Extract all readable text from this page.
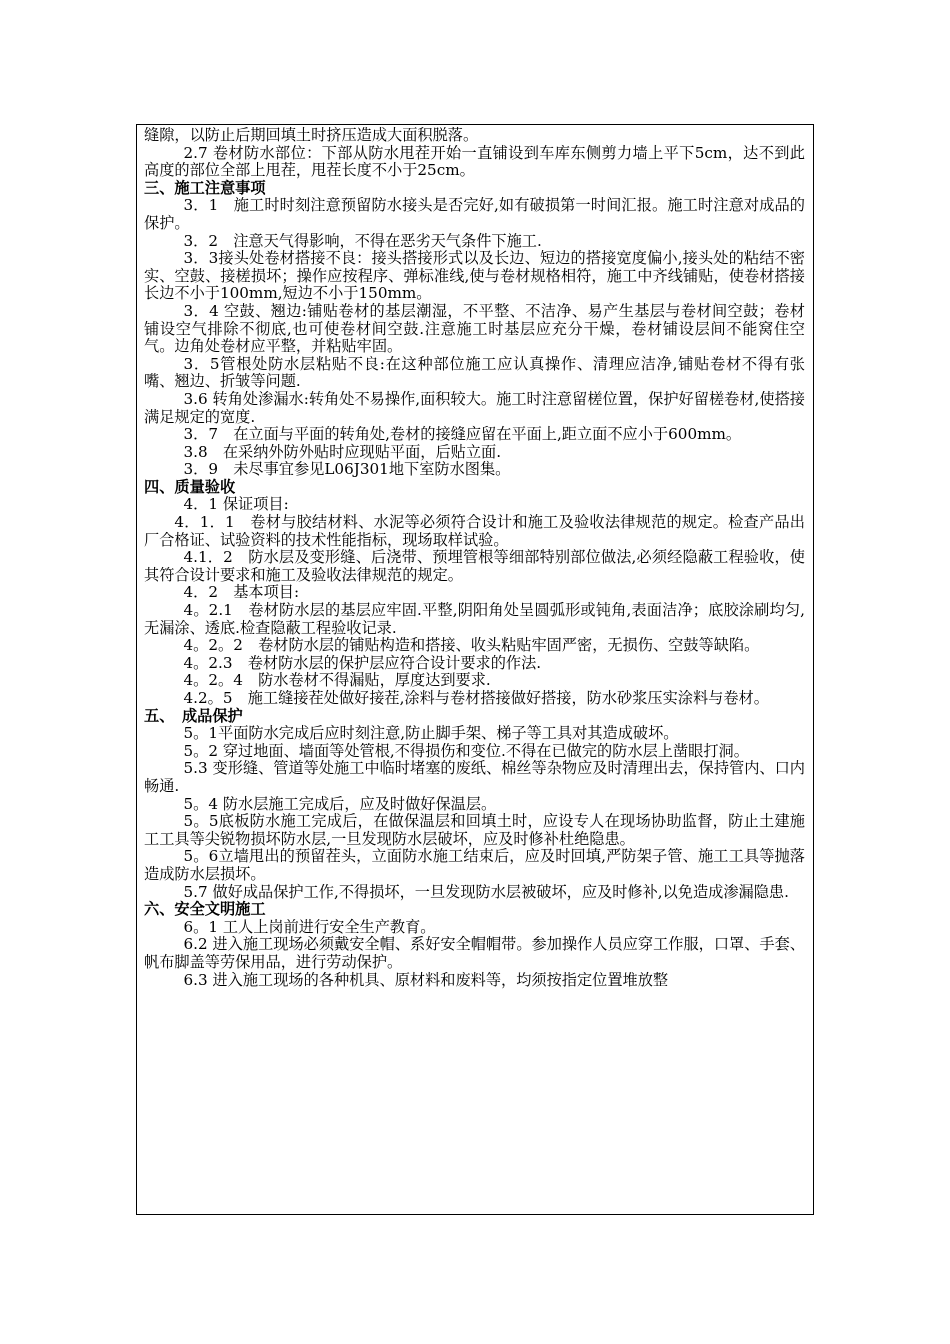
缝隙，以防止后期回填土时挤压造成大面积脱落。

2.7 卷材防水部位：下部从防水甩茬开始一直铺设到车库东侧剪力墙上平下5cm，达不到此高度的部位全部上甩茬，甩茬长度不小于25cm。

三、施工注意事项

3．1　施工时时刻注意预留防水接头是否完好,如有破损第一时间汇报。施工时注意对成品的保护。

3．2　注意天气得影响，不得在恶劣天气条件下施工.

3．3接头处卷材搭接不良：接头搭接形式以及长边、短边的搭接宽度偏小,接头处的粘结不密实、空鼓、接槎损坏；操作应按程序、弹标准线,使与卷材规格相符，施工中齐线铺贴，使卷材搭接长边不小于100mm,短边不小于150mm。

3．4 空鼓、翘边:铺贴卷材的基层潮湿，不平整、不洁净、易产生基层与卷材间空鼓；卷材铺设空气排除不彻底,也可使卷材间空鼓.注意施工时基层应充分干燥，卷材铺设层间不能窝住空气。边角处卷材应平整，并粘贴牢固。

3．5管根处防水层粘贴不良:在这种部位施工应认真操作、清理应洁净,铺贴卷材不得有张嘴、翘边、折皱等问题.

3.6 转角处渗漏水:转角处不易操作,面积较大。施工时注意留槎位置，保护好留槎卷材,使搭接满足规定的宽度.

3．7　在立面与平面的转角处,卷材的接缝应留在平面上,距立面不应小于600mm。

3.8　在采纳外防外贴时应现贴平面，后贴立面.

3．9　未尽事宜参见L06J301地下室防水图集。

四、质量验收

4．1 保证项目:

4．1．1　卷材与胶结材料、水泥等必须符合设计和施工及验收法律规范的规定。检查产品出厂合格证、试验资料的技术性能指标，现场取样试验。

4.1．2　防水层及变形缝、后浇带、预埋管根等细部特别部位做法,必须经隐蔽工程验收，使其符合设计要求和施工及验收法律规范的规定。

4．2　基本项目:

4。2.1　卷材防水层的基层应牢固.平整,阴阳角处呈圆弧形或钝角,表面洁净；底胶涂刷均匀,无漏涂、透底.检查隐蔽工程验收记录.

4。2。2　卷材防水层的铺贴构造和搭接、收头粘贴牢固严密，无损伤、空鼓等缺陷。

4。2.3　卷材防水层的保护层应符合设计要求的作法.

4。2。4　防水卷材不得漏贴，厚度达到要求.

4.2。5　施工缝接茬处做好接茬,涂料与卷材搭接做好搭接，防水砂浆压实涂料与卷材。

五、　成品保护

5。1平面防水完成后应时刻注意,防止脚手架、梯子等工具对其造成破坏。

5。2 穿过地面、墙面等处管根,不得损伤和变位.不得在已做完的防水层上凿眼打洞。

5.3 变形缝、管道等处施工中临时堵塞的废纸、棉丝等杂物应及时清理出去，保持管内、口内畅通.

5。4 防水层施工完成后，应及时做好保温层。

5。5底板防水施工完成后，在做保温层和回填土时，应设专人在现场协助监督，防止土建施工工具等尖锐物损坏防水层,一旦发现防水层破坏，应及时修补杜绝隐患。

5。6立墙甩出的预留茬头，立面防水施工结束后，应及时回填,严防架子管、施工工具等抛落造成防水层损坏。

5.7 做好成品保护工作,不得损坏，一旦发现防水层被破坏，应及时修补,以免造成渗漏隐患.

六、安全文明施工

6。1 工人上岗前进行安全生产教育。

6.2 进入施工现场必须戴安全帽、系好安全帽帽带。参加操作人员应穿工作服，口罩、手套、帆布脚盖等劳保用品，进行劳动保护。

6.3 进入施工现场的各种机具、原材料和废料等，均须按指定位置堆放整
